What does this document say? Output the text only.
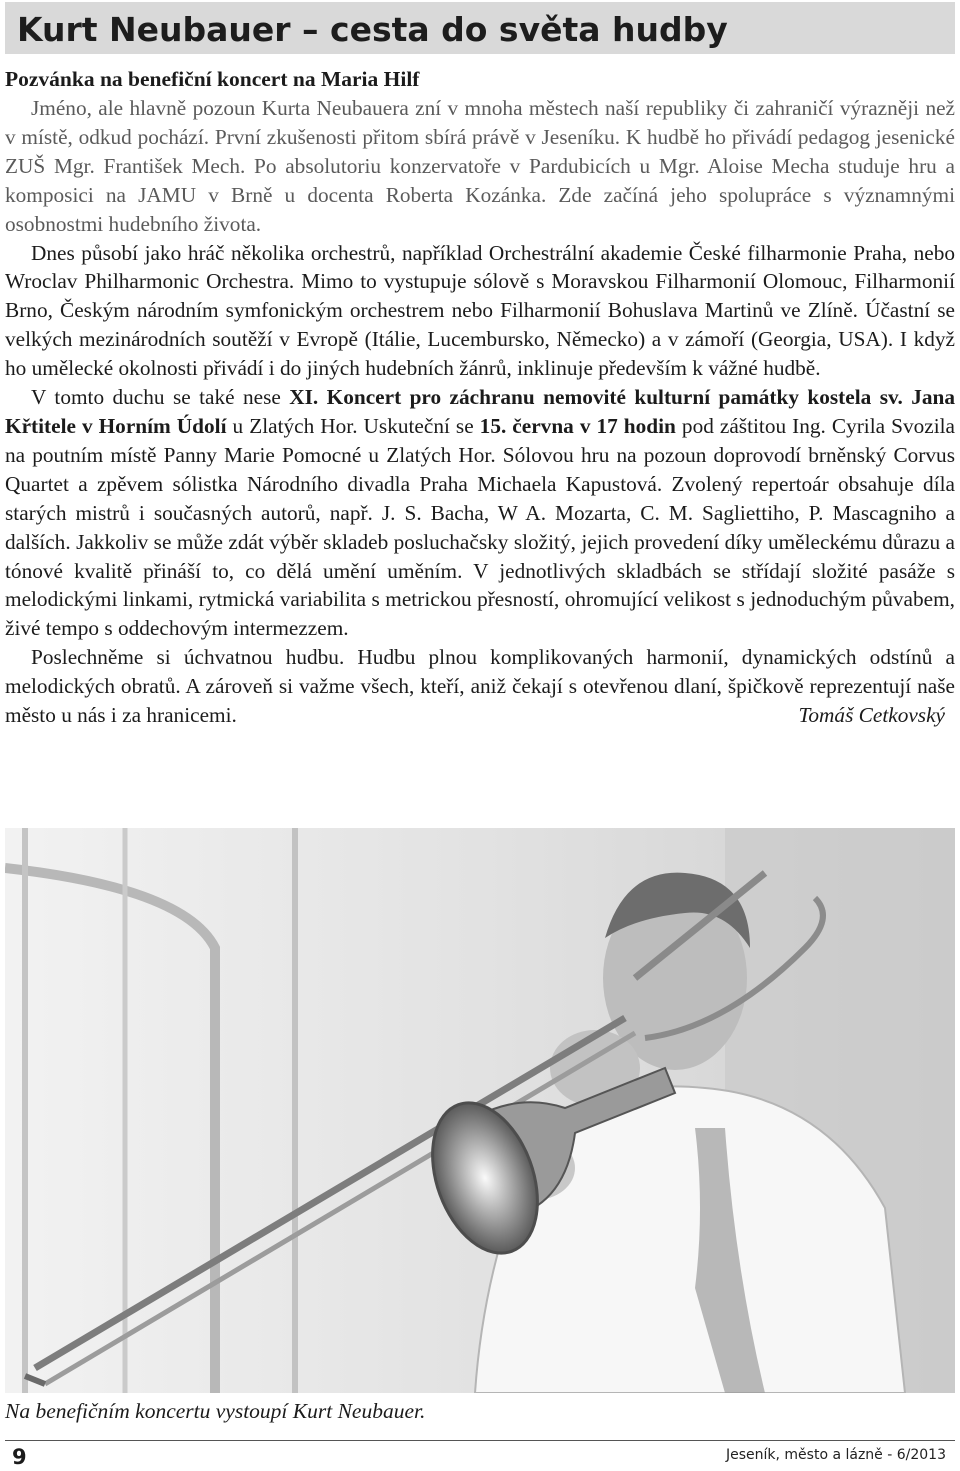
Kurt Neubauer – cesta do světa hudby
Pozvánka na benefiční koncert na Maria Hilf

Jméno, ale hlavně pozoun Kurta Neubauera zní v mnoha městech naší republiky či zahraničí výrazněji než v místě, odkud pochází. První zkušenosti přitom sbírá právě v Jeseníku. K hudbě ho přivádí pedagog jesenické ZUŠ Mgr. František Mech. Po absolutoriu konzervatoře v Pardubicích u Mgr. Aloise Mecha studuje hru a komposici na JAMU v Brně u docenta Roberta Kozánka. Zde začíná jeho spolupráce s významnými osobnostmi hudebního života.

Dnes působí jako hráč několika orchestrů, například Orchestrální akademie České filharmonie Praha, nebo Wroclav Philharmonic Orchestra. Mimo to vystupuje sólově s Moravskou Filharmonií Olomouc, Filharmonií Brno, Českým národním symfonickým orchestrem nebo Filharmonií Bohuslava Martinů ve Zlíně. Účastní se velkých mezinárodních soutěží v Evropě (Itálie, Lucembursko, Německo) a v zámoří (Georgia, USA). I když ho umělecké okolnosti přivádí i do jiných hudebních žánrů, inklinuje především k vážné hudbě.

V tomto duchu se také nese XI. Koncert pro záchranu nemovité kulturní památky kostela sv. Jana Křtitele v Horním Údolí u Zlatých Hor. Uskuteční se 15. června v 17 hodin pod záštitou Ing. Cyrila Svozila na poutním místě Panny Marie Pomocné u Zlatých Hor. Sólovou hru na pozoun doprovodí brněnský Corvus Quartet a zpěvem sólistka Národního divadla Praha Michaela Kapustová. Zvolený repertoár obsahuje díla starých mistrů i současných autorů, např. J. S. Bacha, W A. Mozarta, C. M. Sagliettiho, P. Mascagniho a dalších. Jakkoliv se může zdát výběr skladeb posluchačsky složitý, jejich provedení díky uměleckému důrazu a tónové kvalitě přináší to, co dělá umění uměním. V jednotlivých skladbách se střídají složité pasáže s melodickými linkami, rytmická variabilita s metrickou přesností, ohromující velikost s jednoduchým půvabem, živé tempo s oddechovým intermezzem.

Poslechněme si úchvatnou hudbu. Hudbu plnou komplikovaných harmonií, dynamických odstínů a melodických obratů. A zároveň si važme všech, kteří, aniž čekají s otevřenou dlaní, špičkově reprezentují naše město u nás i za hranicemi.	Tomáš Cetkovský

Na benefičním koncertu vystoupí Kurt Neubauer.
9	Jeseník, město a lázně - 6/2013
